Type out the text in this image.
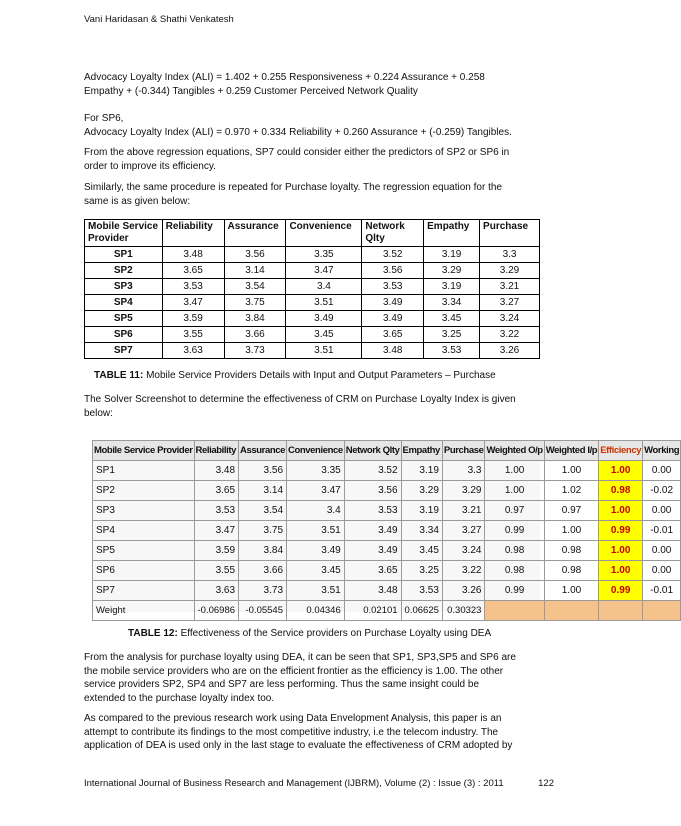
Vani Haridasan & Shathi Venkatesh

Advocacy Loyalty Index (ALI) = 1.402 + 0.255 Responsiveness + 0.224 Assurance + 0.258

Empathy + (-0.344) Tangibles + 0.259 Customer Perceived Network Quality

For SP6,

Advocacy Loyalty Index (ALI) = 0.970 + 0.334 Reliability + 0.260 Assurance + (-0.259) Tangibles.

From the above regression equations, SP7 could consider either the predictors of SP2 or SP6 in

order to improve its efficiency.

Similarly, the same procedure is repeated for Purchase loyalty. The regression equation for the

same is as given below:

Mobile Service Provider	Reliability	Assurance	Convenience	Network Qlty	Empathy	Purchase
SP1	3.48	3.56	3.35	3.52	3.19	3.3
SP2	3.65	3.14	3.47	3.56	3.29	3.29
SP3	3.53	3.54	3.4	3.53	3.19	3.21
SP4	3.47	3.75	3.51	3.49	3.34	3.27
SP5	3.59	3.84	3.49	3.49	3.45	3.24
SP6	3.55	3.66	3.45	3.65	3.25	3.22
SP7	3.63	3.73	3.51	3.48	3.53	3.26
TABLE 11: Mobile Service Providers Details with Input and Output Parameters – Purchase

The Solver Screenshot to determine the effectiveness of CRM on Purchase Loyalty Index is given

below:

Mobile Service Provider	Reliability	Assurance	Convenience	Network Qlty	Empathy	Purchase	Weighted O/p	Weighted I/p	Efficiency	Working
SP1	3.48	3.56	3.35	3.52	3.19	3.3	1.00	1.00	1.00	0.00
SP2	3.65	3.14	3.47	3.56	3.29	3.29	1.00	1.02	0.98	-0.02
SP3	3.53	3.54	3.4	3.53	3.19	3.21	0.97	0.97	1.00	0.00
SP4	3.47	3.75	3.51	3.49	3.34	3.27	0.99	1.00	0.99	-0.01
SP5	3.59	3.84	3.49	3.49	3.45	3.24	0.98	0.98	1.00	0.00
SP6	3.55	3.66	3.45	3.65	3.25	3.22	0.98	0.98	1.00	0.00
SP7	3.63	3.73	3.51	3.48	3.53	3.26	0.99	1.00	0.99	-0.01
Weight	-0.06986	-0.05545	0.04346	0.02101	0.06625	0.30323				
TABLE 12: Effectiveness of the Service providers on Purchase Loyalty using DEA

From the analysis for purchase loyalty using DEA, it can be seen that SP1, SP3,SP5 and SP6 are

the mobile service providers who are on the efficient frontier as the efficiency is 1.00. The other

service providers SP2, SP4 and SP7 are less performing. Thus the same insight could be

extended to the purchase loyalty index too.

As compared to the previous research work using Data Envelopment Analysis, this paper is an

attempt to contribute its findings to the most competitive industry, i.e the telecom industry. The

application of DEA is used only in the last stage to evaluate the effectiveness of CRM adopted by

International Journal of Business Research and Management (IJBRM), Volume (2) : Issue (3) : 2011	122
